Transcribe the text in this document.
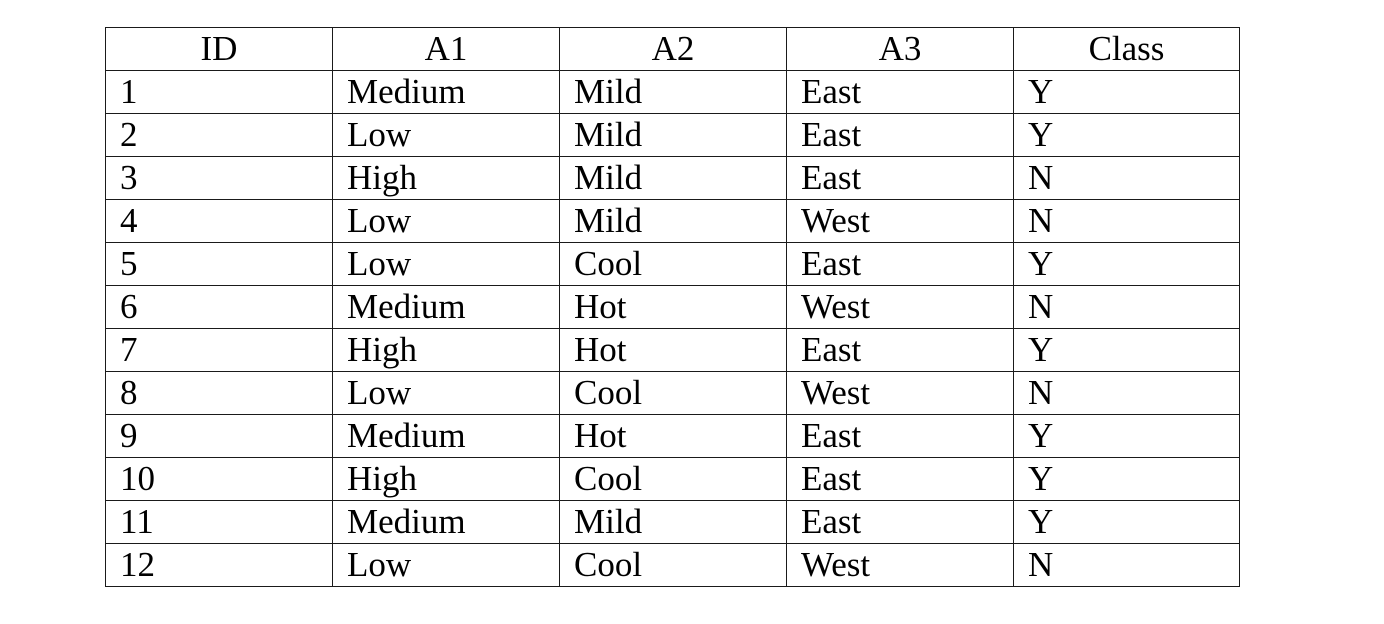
ID	A1	A2	A3	Class
1	Medium	Mild	East	Y
2	Low	Mild	East	Y
3	High	Mild	East	N
4	Low	Mild	West	N
5	Low	Cool	East	Y
6	Medium	Hot	West	N
7	High	Hot	East	Y
8	Low	Cool	West	N
9	Medium	Hot	East	Y
10	High	Cool	East	Y
11	Medium	Mild	East	Y
12	Low	Cool	West	N
